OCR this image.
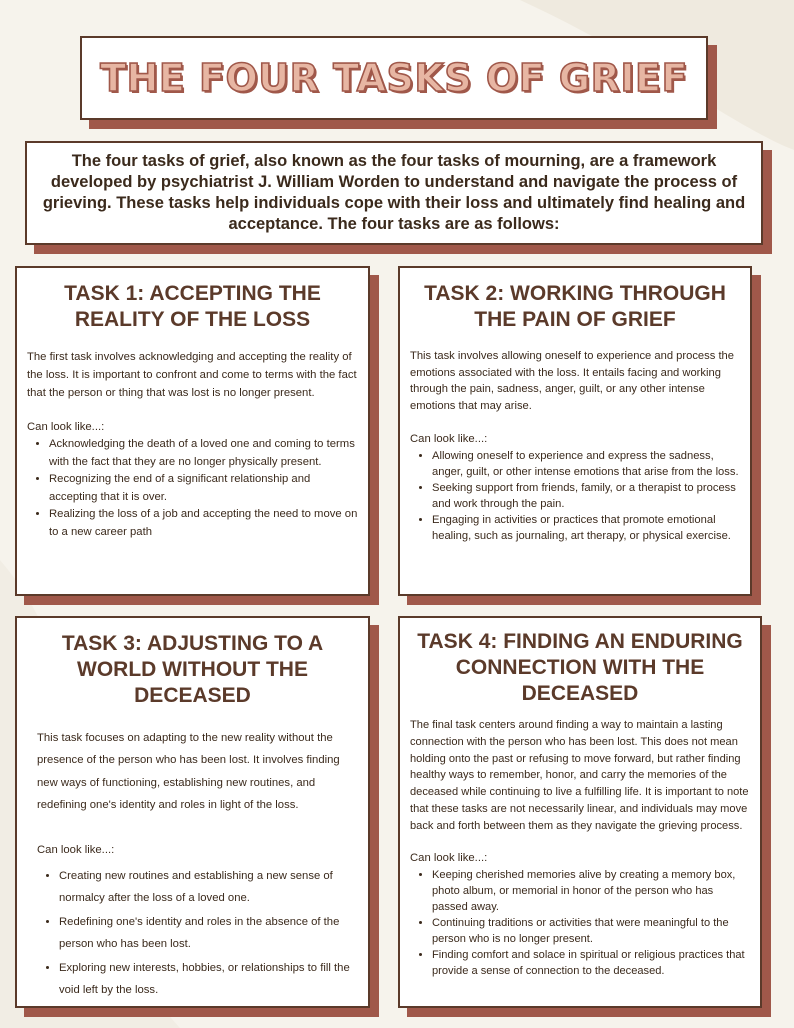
THE FOUR TASKS OF GRIEF

The four tasks of grief, also known as the four tasks of mourning, are a framework developed by psychiatrist J. William Worden to understand and navigate the process of grieving. These tasks help individuals cope with their loss and ultimately find healing and acceptance. The four tasks are as follows:

TASK 1: ACCEPTING THE REALITY OF THE LOSS

The first task involves acknowledging and accepting the reality of the loss. It is important to confront and come to terms with the fact that the person or thing that was lost is no longer present.

Can look like...:

• Acknowledging the death of a loved one and coming to terms with the fact that they are no longer physically present.
• Recognizing the end of a significant relationship and accepting that it is over.
• Realizing the loss of a job and accepting the need to move on to a new career path
TASK 2: WORKING THROUGH THE PAIN OF GRIEF

This task involves allowing oneself to experience and process the emotions associated with the loss. It entails facing and working through the pain, sadness, anger, guilt, or any other intense emotions that may arise.

Can look like...:

• Allowing oneself to experience and express the sadness, anger, guilt, or other intense emotions that arise from the loss.
• Seeking support from friends, family, or a therapist to process and work through the pain.
• Engaging in activities or practices that promote emotional healing, such as journaling, art therapy, or physical exercise.
TASK 3: ADJUSTING TO A WORLD WITHOUT THE DECEASED

This task focuses on adapting to the new reality without the presence of the person who has been lost. It involves finding new ways of functioning, establishing new routines, and redefining one's identity and roles in light of the loss.

Can look like...:

• Creating new routines and establishing a new sense of normalcy after the loss of a loved one.
• Redefining one's identity and roles in the absence of the person who has been lost.
• Exploring new interests, hobbies, or relationships to fill the void left by the loss.
TASK 4: FINDING AN ENDURING CONNECTION WITH THE DECEASED

The final task centers around finding a way to maintain a lasting connection with the person who has been lost. This does not mean holding onto the past or refusing to move forward, but rather finding healthy ways to remember, honor, and carry the memories of the deceased while continuing to live a fulfilling life. It is important to note that these tasks are not necessarily linear, and individuals may move back and forth between them as they navigate the grieving process.

Can look like...:

• Keeping cherished memories alive by creating a memory box, photo album, or memorial in honor of the person who has passed away.
• Continuing traditions or activities that were meaningful to the person who is no longer present.
• Finding comfort and solace in spiritual or religious practices that provide a sense of connection to the deceased.
